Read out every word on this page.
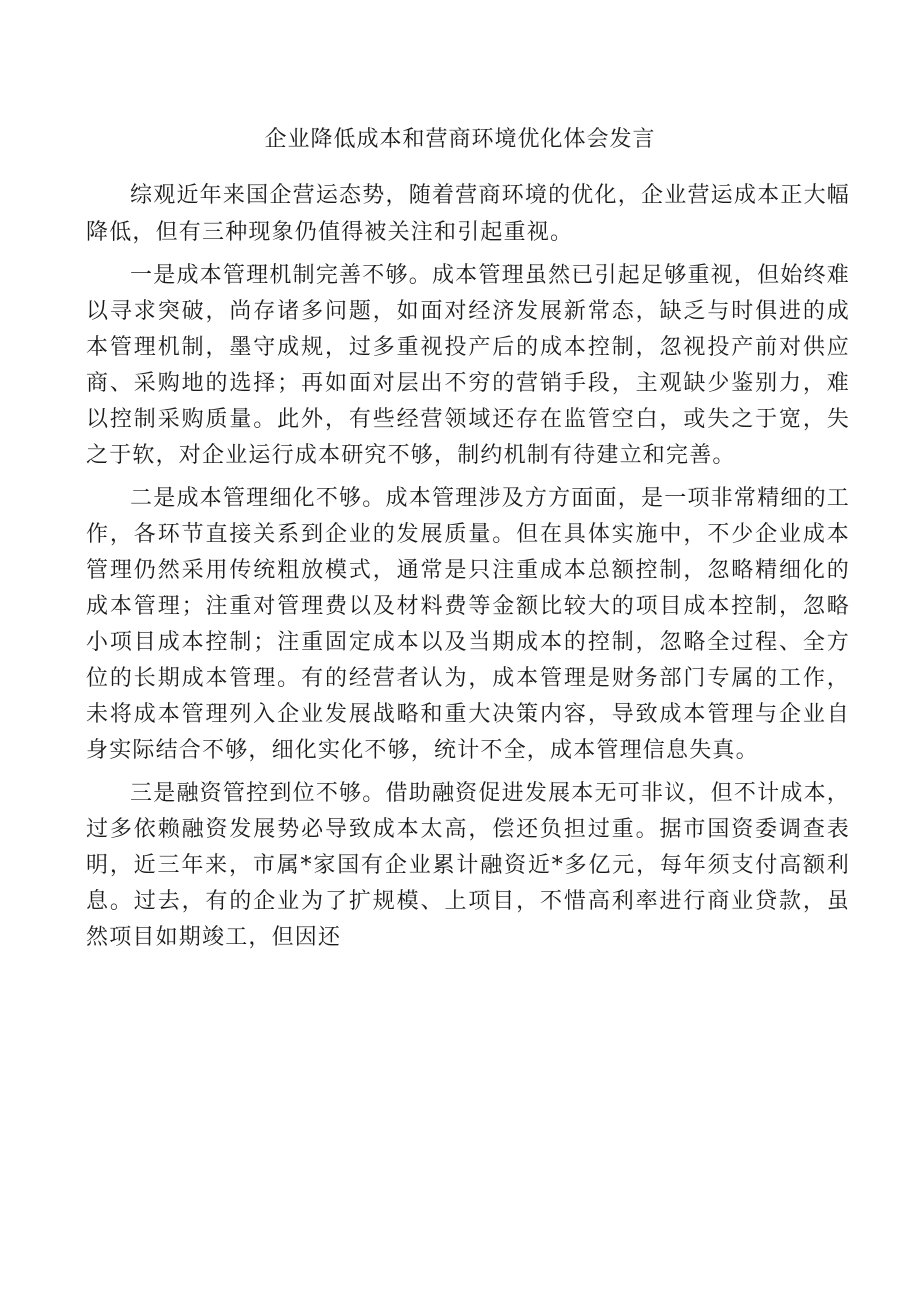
企业降低成本和营商环境优化体会发言

综观近年来国企营运态势，随着营商环境的优化，企业营运成本正大幅降低，但有三种现象仍值得被关注和引起重视。

一是成本管理机制完善不够。成本管理虽然已引起足够重视，但始终难以寻求突破，尚存诸多问题，如面对经济发展新常态，缺乏与时俱进的成本管理机制，墨守成规，过多重视投产后的成本控制，忽视投产前对供应商、采购地的选择；再如面对层出不穷的营销手段，主观缺少鉴别力，难以控制采购质量。此外，有些经营领域还存在监管空白，或失之于宽，失之于软，对企业运行成本研究不够，制约机制有待建立和完善。

二是成本管理细化不够。成本管理涉及方方面面，是一项非常精细的工作，各环节直接关系到企业的发展质量。但在具体实施中，不少企业成本管理仍然采用传统粗放模式，通常是只注重成本总额控制，忽略精细化的成本管理；注重对管理费以及材料费等金额比较大的项目成本控制，忽略小项目成本控制；注重固定成本以及当期成本的控制，忽略全过程、全方位的长期成本管理。有的经营者认为，成本管理是财务部门专属的工作，未将成本管理列入企业发展战略和重大决策内容，导致成本管理与企业自身实际结合不够，细化实化不够，统计不全，成本管理信息失真。

三是融资管控到位不够。借助融资促进发展本无可非议，但不计成本，过多依赖融资发展势必导致成本太高，偿还负担过重。据市国资委调查表明，近三年来，市属*家国有企业累计融资近*多亿元，每年须支付高额利息。过去，有的企业为了扩规模、上项目，不惜高利率进行商业贷款，虽然项目如期竣工，但因还
